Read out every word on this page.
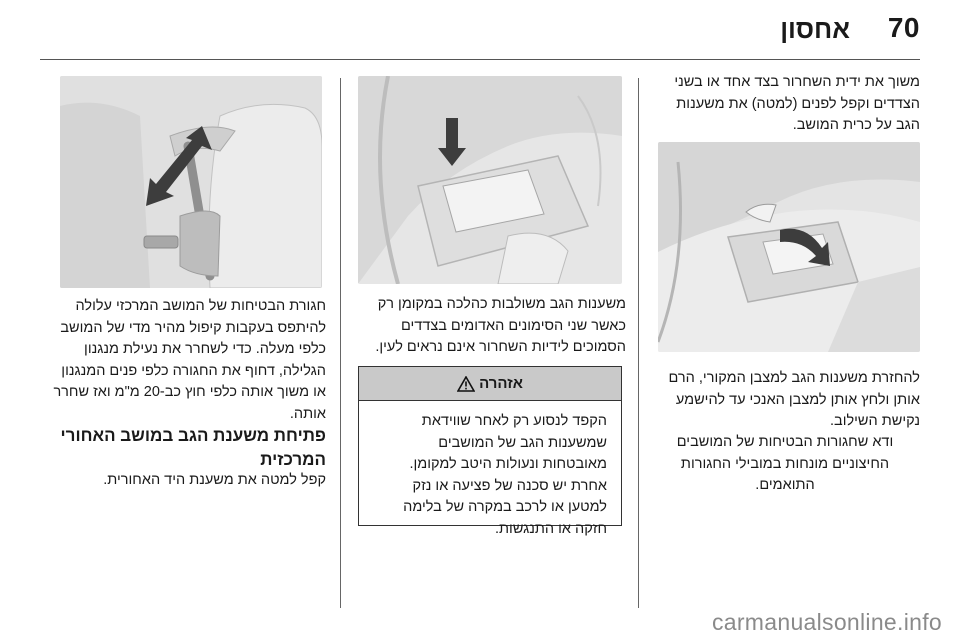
70
אחסון
משוך את ידית השחרור בצד אחד או בשני הצדדים וקפל לפנים (למטה) את משענות הגב על כרית המושב.
להחזרת משענות הגב למצבן המקורי, הרם אותן ולחץ אותן למצבן האנכי עד להישמע נקישת השילוב.
ודא שחגורות הבטיחות של המושבים החיצוניים מונחות במובילי החגורות התואמים.
משענות הגב משולבות כהלכה במקומן רק כאשר שני הסימונים האדומים בצדדים הסמוכים לידיות השחרור אינם נראים לעין.
אזהרה
הקפד לנסוע רק לאחר שווידאת שמשענות הגב של המושבים מאובטחות ונעולות היטב למקומן. אחרת יש סכנה של פציעה או נזק למטען או לרכב במקרה של בלימה חזקה או התנגשות.
חגורת הבטיחות של המושב המרכזי עלולה להיתפס בעקבות קיפול מהיר מדי של המושב כלפי מעלה. כדי לשחרר את נעילת מנגנון הגלילה, דחוף את החגורה כלפי פנים המנגנון או משוך אותה כלפי חוץ כב-20 מ"מ ואז שחרר אותה.
פתיחת משענת הגב במושב האחורי המרכזית
קפל למטה את משענת היד האחורית.
carmanualsonline.info
